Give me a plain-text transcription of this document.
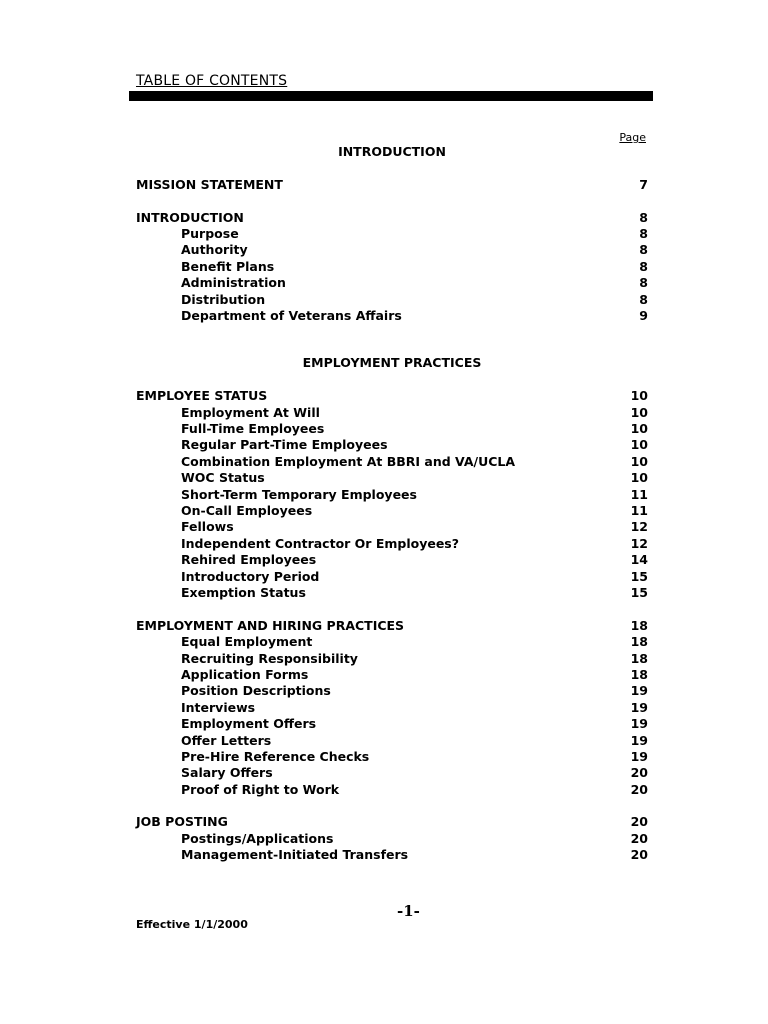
TABLE OF CONTENTS
Page
INTRODUCTION
MISSION STATEMENT	7
INTRODUCTION	8
Purpose	8
Authority	8
Benefit Plans	8
Administration	8
Distribution	8
Department of Veterans Affairs	9
EMPLOYMENT PRACTICES
EMPLOYEE STATUS	10
Employment At Will	10
Full-Time Employees	10
Regular Part-Time Employees	10
Combination Employment At BBRI and VA/UCLA	10
WOC Status	10
Short-Term Temporary Employees	11
On-Call Employees	11
Fellows	12
Independent Contractor Or Employees?	12
Rehired Employees	14
Introductory Period	15
Exemption Status	15
EMPLOYMENT AND HIRING PRACTICES	18
Equal Employment	18
Recruiting Responsibility	18
Application Forms	18
Position Descriptions	19
Interviews	19
Employment Offers	19
Offer Letters	19
Pre-Hire Reference Checks	19
Salary Offers	20
Proof of Right to Work	20
JOB POSTING	20
Postings/Applications	20
Management-Initiated Transfers	20
-1-
Effective 1/1/2000
